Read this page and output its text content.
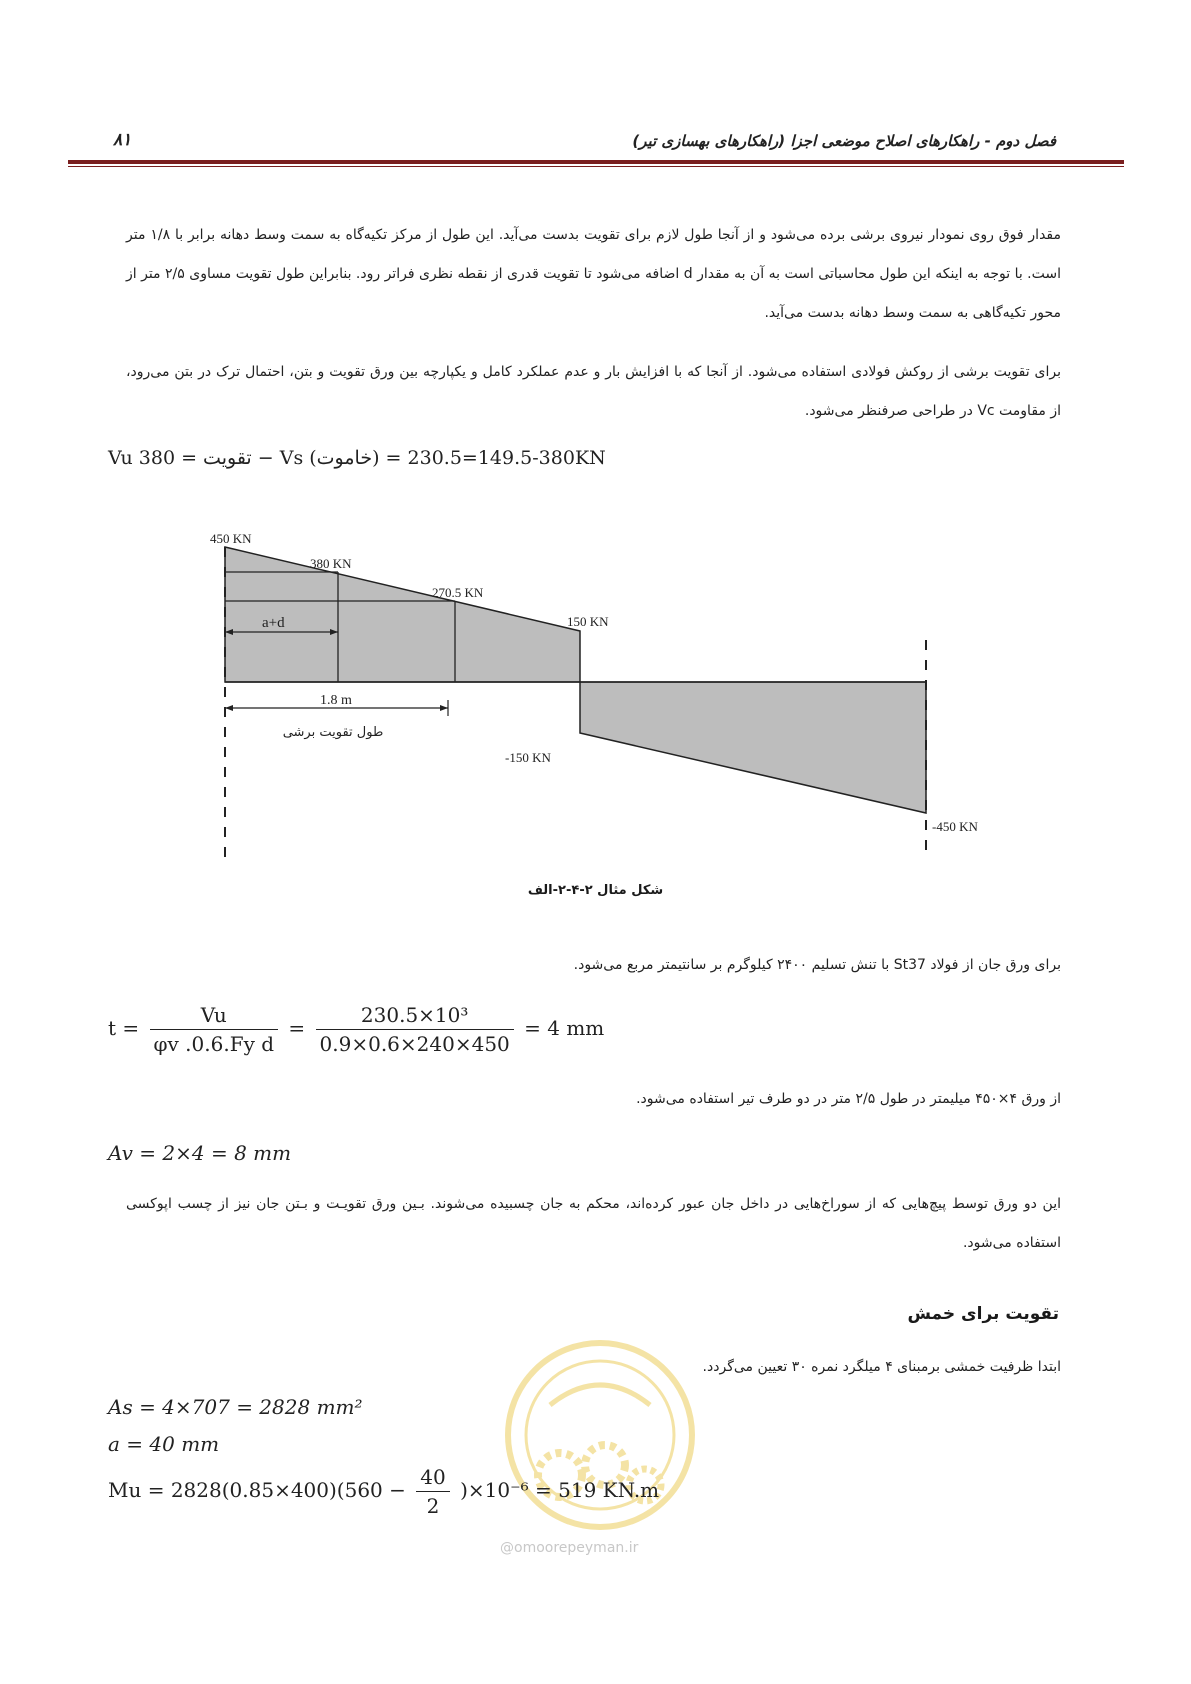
فصل دوم - راهکارهای اصلاح موضعی اجزا (راهکارهای بهسازی تیر)
۸۱
مقدار فوق روی نمودار نیروی برشی برده می‌شود و از آنجا طول لازم برای تقویت بدست می‌آید. این طول از مرکز تکیه‌گاه به سمت وسط دهانه برابر با ۱/۸ متر است. با توجه به اینکه این طول محاسباتی است به آن به مقدار d اضافه می‌شود تا تقویت قدری از نقطه نظری فراتر رود. بنابراین طول تقویت مساوی ۲/۵ متر از محور تکیه‌گاهی به سمت وسط دهانه بدست می‌آید.
برای تقویت برشی از روکش فولادی استفاده می‌شود. از آنجا که با افزایش بار و عدم عملکرد کامل و یکپارچه بین ورق تقویت و بتن، احتمال ترک در بتن می‌رود، از مقاومت Vc در طراحی صرفنظر می‌شود.
Vu تقویت = 380 − Vs (خاموت) = 380-149.5=230.5KN
450 KN
380 KN
270.5 KN
150 KN
a+d
1.8 m
طول تقویت برشی
-150 KN
-450 KN
شکل مثال ۲-۴-۲-الف
برای ورق جان از فولاد St37 با تنش تسلیم ۲۴۰۰ کیلوگرم بر سانتیمتر مربع می‌شود.
$t = \frac{Vu}{\text{φv .0.6.Fy d}} = \frac{\text{230.5×10³}}{0.9\times 0.6\times 240\times 450} = 4$ mm
از ورق ۴×۴۵۰ میلیمتر در طول ۲/۵ متر در دو طرف تیر استفاده می‌شود.
Av = 2×4 = 8 mm
این دو ورق توسط پیچ‌هایی که از سوراخ‌هایی در داخل جان عبور کرده‌اند، محکم به جان چسبیده می‌شوند. بـین ورق تقویـت و بـتن جان نیز از چسب اپوکسی استفاده می‌شود.
تقویت برای خمش
ابتدا ظرفیت خمشی برمبنای ۴ میلگرد نمره ۳۰ تعیین می‌گردد.
As = 4×707 = 2828 mm²
a = 40 mm
$Mu = 2828(0.85\times 400)(560 - \frac{40}{2} )\times 10^{-6} = 519$ KN.m
@omoorepeyman.ir
